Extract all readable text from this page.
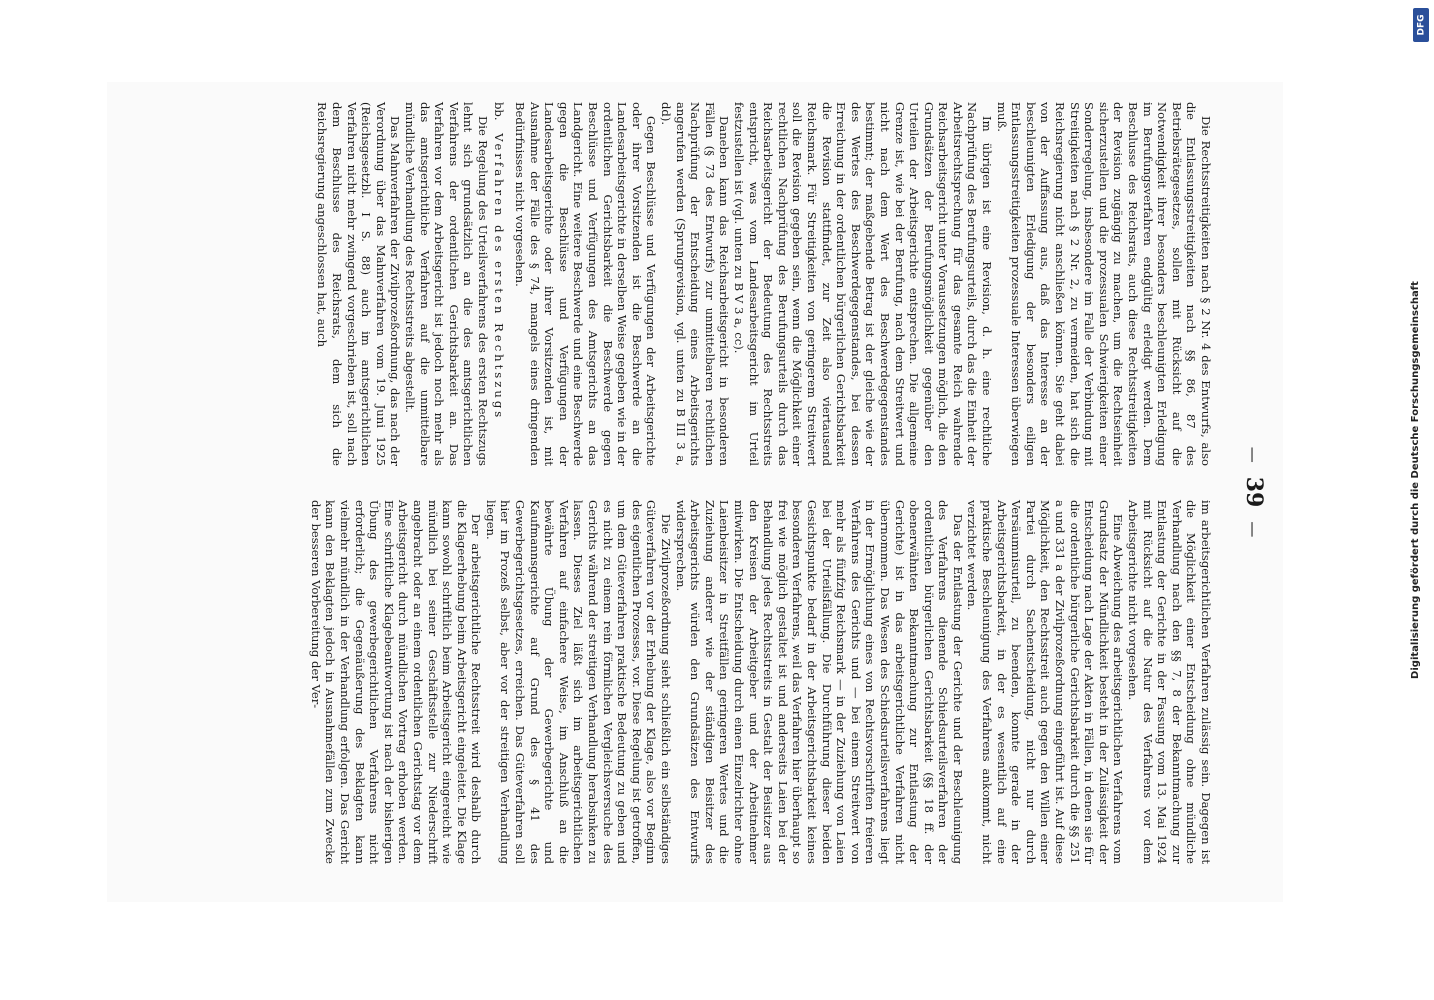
—
39
—

Die Rechtsstreitigkeiten nach § 2 Nr. 4 des Entwurfs, also die Entlassungsstreitigkeiten nach §§ 86, 87 des Betriebsrätegesetzes, sollen mit Rücksicht auf die Notwendigkeit ihrer besonders beschleunigten Erledigung im Berufungsverfahren endgültig erledigt werden. Dem Beschlusse des Reichsrats, auch diese Rechtsstreitigkeiten der Revision zugängig zu machen, um die Rechtseinheit sicherzustellen und die prozessualen Schwierigkeiten einer Sonderregelung, insbesondere im Falle der Verbindung mit Streitigkeiten nach § 2 Nr. 2, zu vermeiden, hat sich die Reichsregierung nicht anschließen können. Sie geht dabei von der Auffassung aus, daß das Interesse an der beschleunigten Erledigung der besonders eiligen Entlassungsstreitigkeiten prozessuale Interessen überwiegen muß.

Im übrigen ist eine Revision, d. h. eine rechtliche Nachprüfung des Berufungsurteils, durch das die Einheit der Arbeitsrechtsprechung für das gesamte Reich wahrende Reichsarbeitsgericht unter Voraussetzungen möglich, die den Grundsätzen der Berufungsmöglichkeit gegenüber den Urteilen der Arbeitsgerichte entsprechen. Die allgemeine Grenze ist, wie bei der Berufung, nach dem Streitwert und nicht nach dem Wert des Beschwerdegegenstandes bestimmt; der maßgebende Betrag ist der gleiche wie der des Wertes des Beschwerdegegenstandes, bei dessen Erreichung in der ordentlichen bürgerlichen Gerichtsbarkeit die Revision stattfindet, zur Zeit also viertausend Reichsmark. Für Streitigkeiten von geringerem Streitwert soll die Revision gegeben sein, wenn die Möglichkeit einer rechtlichen Nachprüfung des Berufungsurteils durch das Reichsarbeitsgericht der Bedeutung des Rechtsstreits entspricht, was vom Landesarbeitsgericht im Urteil festzustellen ist (vgl. unten zu B V 3 a, cc).

Daneben kann das Reichsarbeitsgericht in besonderen Fällen (§ 73 des Entwurfs) zur unmittelbaren rechtlichen Nachprüfung der Entscheidung eines Arbeitsgerichts angerufen werden (Sprungrevision, vgl. unten zu B III 3 a, dd).

Gegen Beschlüsse und Verfügungen der Arbeitsgerichte oder ihrer Vorsitzenden ist die Beschwerde an die Landesarbeitsgerichte in derselben Weise gegeben wie in der ordentlichen Gerichtsbarkeit die Beschwerde gegen Beschlüsse und Verfügungen des Amtsgerichts an das Landgericht. Eine weitere Beschwerde und eine Beschwerde gegen die Beschlüsse und Verfügungen der Landesarbeitsgerichte oder ihrer Vorsitzenden ist, mit Ausnahme der Fälle des § 74, mangels eines dringenden Bedürfnisses nicht vorgesehen.

bb. Verfahren des ersten Rechtszugs

Die Regelung des Urteilsverfahrens des ersten Rechtszugs lehnt sich grundsätzlich an die des amtsgerichtlichen Verfahrens der ordentlichen Gerichtsbarkeit an. Das Verfahren vor dem Arbeitsgericht ist jedoch noch mehr als das amtsgerichtliche Verfahren auf die unmittelbare mündliche Verhandlung des Rechtsstreits abgestellt.

Das Mahnverfahren der Zivilprozeßordnung, das nach der Verordnung über das Mahnverfahren vom 19. Juni 1925 (Reichsgesetzbl. I S. 88) auch im amtsgerichtlichen Verfahren nicht mehr zwingend vorgeschrieben ist, soll nach dem Beschlusse des Reichsrats, dem sich die Reichsregierung angeschlossen hat, auch

im arbeitsgerichtlichen Verfahren zulässig sein. Dagegen ist die Möglichkeit einer Entscheidung ohne mündliche Verhandlung nach den §§ 7, 8 der Bekanntmachung zur Entlastung der Gerichte in der Fassung vom 13. Mai 1924 mit Rücksicht auf die Natur des Verfahrens vor dem Arbeitsgerichte nicht vorgesehen.

Eine Abweichung des arbeitsgerichtlichen Verfahrens vom Grundsatz der Mündlichkeit besteht in der Zulässigkeit der Entscheidung nach Lage der Akten in Fällen, in denen sie für die ordentliche bürgerliche Gerichtsbarkeit durch die §§ 251 a und 331 a der Zivilprozeßordnung eingeführt ist. Auf diese Möglichkeit, den Rechtsstreit auch gegen den Willen einer Partei durch Sachentscheidung, nicht nur durch Versäumnisurteil, zu beenden, konnte gerade in der Arbeitsgerichtsbarkeit, in der es wesentlich auf eine praktische Beschleunigung des Verfahrens ankommt, nicht verzichtet werden.

Das der Entlastung der Gerichte und der Beschleunigung des Verfahrens dienende Schiedsurteilsverfahren der ordentlichen bürgerlichen Gerichtsbarkeit (§§ 18 ff. der obenerwähnten Bekanntmachung zur Entlastung der Gerichte) ist in das arbeitsgerichtliche Verfahren nicht übernommen. Das Wesen des Schiedsurteilsverfahrens liegt in der Ermöglichung eines von Rechtsvorschriften freieren Verfahrens des Gerichts und — bei einem Streitwert von mehr als fünfzig Reichsmark — in der Zuziehung von Laien bei der Urteilsfällung. Die Durchführung dieser beiden Gesichtspunkte bedarf in der Arbeitsgerichtsbarkeit keines besonderen Verfahrens, weil das Verfahren hier überhaupt so frei wie möglich gestaltet ist und anderseits Laien bei der Behandlung jedes Rechtsstreits in Gestalt der Beisitzer aus den Kreisen der Arbeitgeber und der Arbeitnehmer mitwirken. Die Entscheidung durch einen Einzelrichter ohne Laienbeisitzer in Streitfällen geringeren Wertes und die Zuziehung anderer wie der ständigen Beisitzer des Arbeitsgerichts würden den Grundsätzen des Entwurfs widersprechen.

Die Zivilprozeßordnung sieht schließlich ein selbständiges Güteverfahren vor der Erhebung der Klage, also vor Beginn des eigentlichen Prozesses, vor. Diese Regelung ist getroffen, um dem Güteverfahren praktische Bedeutung zu geben und es nicht zu einem rein förmlichen Vergleichsversuche des Gerichts während der streitigen Verhandlung herabsinken zu lassen. Dieses Ziel läßt sich im arbeitsgerichtlichen Verfahren auf einfachere Weise, im Anschluß an die bewährte Übung der Gewerbegerichte und Kaufmannsgerichte auf Grund des § 41 des Gewerbegerichtsgesetzes, erreichen. Das Güteverfahren soll hier im Prozeß selbst, aber vor der streitigen Verhandlung liegen.

Der arbeitsgerichtliche Rechtsstreit wird deshalb durch die Klageerhebung beim Arbeitsgericht eingeleitet. Die Klage kann sowohl schriftlich beim Arbeitsgericht eingereicht wie mündlich bei seiner Geschäftsstelle zur Niederschrift angebracht oder an einem ordentlichen Gerichtstag vor dem Arbeitsgericht durch mündlichen Vortrag erhoben werden. Eine schriftliche Klagebeantwortung ist nach der bisherigen Übung des gewerbegerichtlichen Verfahrens nicht erforderlich; die Gegenäußerung des Beklagten kann vielmehr mündlich in der Verhandlung erfolgen. Das Gericht kann den Beklagten jedoch in Ausnahmefällen zum Zwecke der besseren Vorbereitung der Ver-	Digitalisierung gefördert durch die Deutsche Forschungsgemeinschaft
DFG
